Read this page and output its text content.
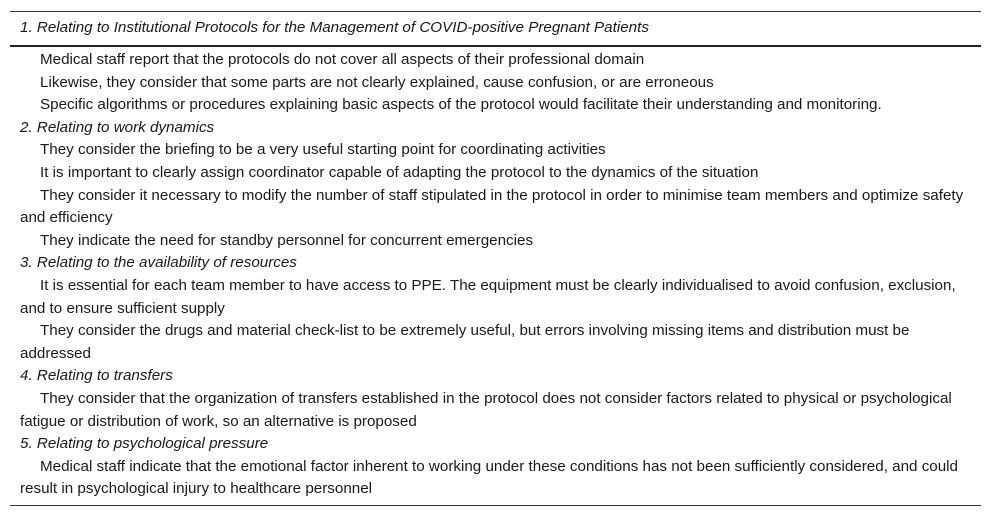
1. Relating to Institutional Protocols for the Management of COVID-positive Pregnant Patients
Medical staff report that the protocols do not cover all aspects of their professional domain
Likewise, they consider that some parts are not clearly explained, cause confusion, or are erroneous
Specific algorithms or procedures explaining basic aspects of the protocol would facilitate their understanding and monitoring.
2. Relating to work dynamics
They consider the briefing to be a very useful starting point for coordinating activities
It is important to clearly assign coordinator capable of adapting the protocol to the dynamics of the situation
They consider it necessary to modify the number of staff stipulated in the protocol in order to minimise team members and optimize safety and efficiency
They indicate the need for standby personnel for concurrent emergencies
3. Relating to the availability of resources
It is essential for each team member to have access to PPE. The equipment must be clearly individualised to avoid confusion, exclusion, and to ensure sufficient supply
They consider the drugs and material check-list to be extremely useful, but errors involving missing items and distribution must be addressed
4. Relating to transfers
They consider that the organization of transfers established in the protocol does not consider factors related to physical or psychological fatigue or distribution of work, so an alternative is proposed
5. Relating to psychological pressure
Medical staff indicate that the emotional factor inherent to working under these conditions has not been sufficiently considered, and could result in psychological injury to healthcare personnel
